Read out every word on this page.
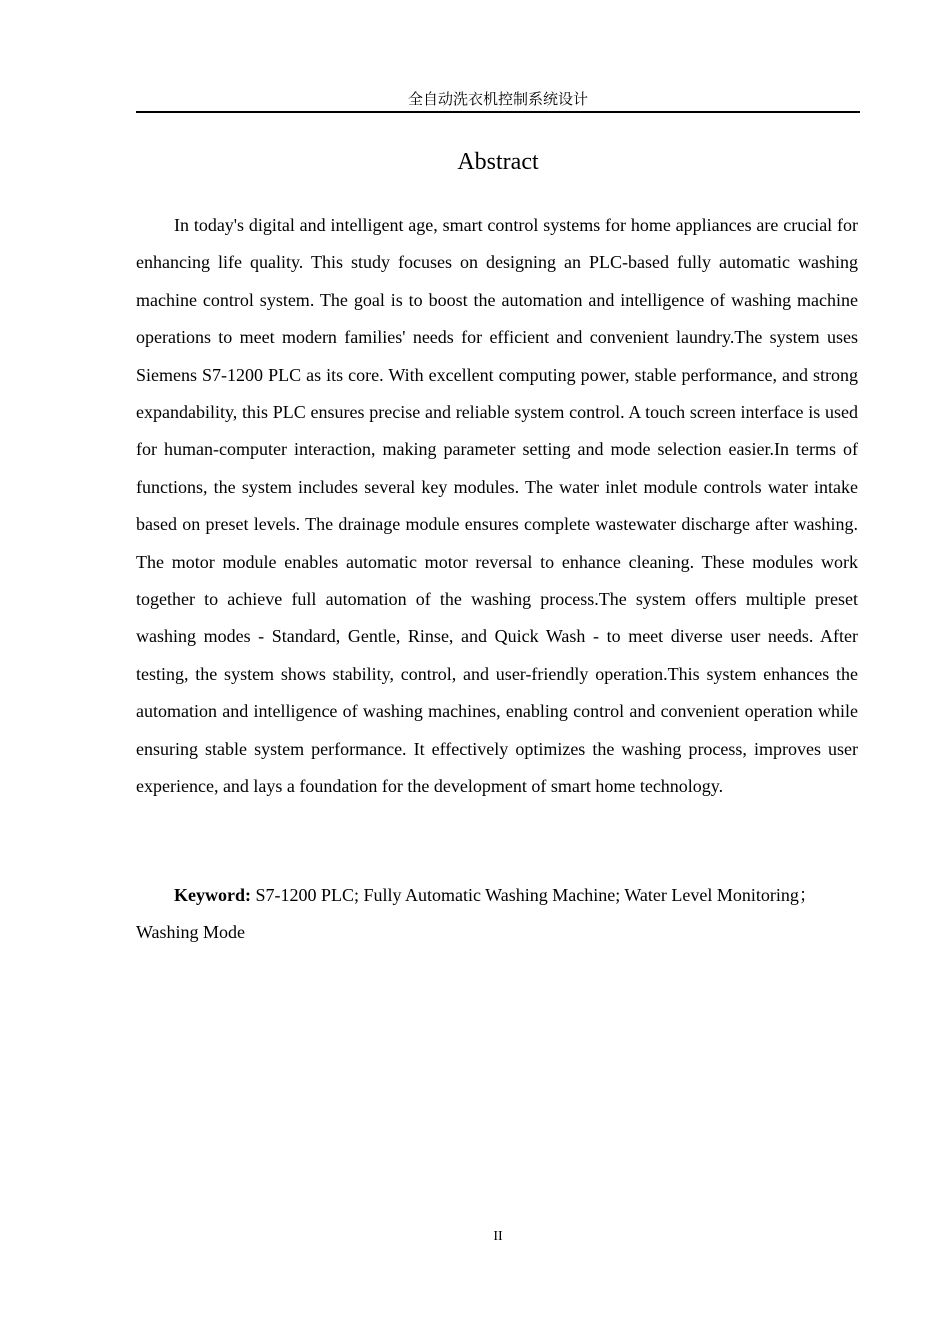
全自动洗衣机控制系统设计
Abstract

In today's digital and intelligent age, smart control systems for home appliances are crucial for enhancing life quality. This study focuses on designing an PLC-based fully automatic washing machine control system. The goal is to boost the automation and intelligence of washing machine operations to meet modern families' needs for efficient and convenient laundry.The system uses Siemens S7-1200 PLC as its core. With excellent computing power, stable performance, and strong expandability, this PLC ensures precise and reliable system control. A touch screen interface is used for human-computer interaction, making parameter setting and mode selection easier.In terms of functions, the system includes several key modules. The water inlet module controls water intake based on preset levels. The drainage module ensures complete wastewater discharge after washing. The motor module enables automatic motor reversal to enhance cleaning. These modules work together to achieve full automation of the washing process.The system offers multiple preset washing modes - Standard, Gentle, Rinse, and Quick Wash - to meet diverse user needs. After testing, the system shows stability, control, and user-friendly operation.This system enhances the automation and intelligence of washing machines, enabling control and convenient operation while ensuring stable system performance. It effectively optimizes the washing process, improves user experience, and lays a foundation for the development of smart home technology.

Keyword: S7-1200 PLC; Fully Automatic Washing Machine; Water Level Monitoring；Washing Mode

II
